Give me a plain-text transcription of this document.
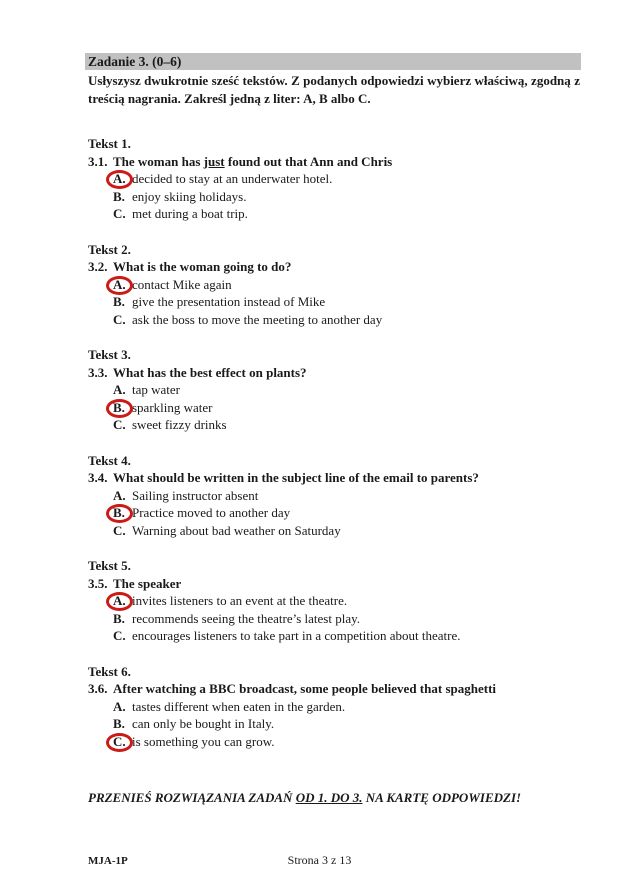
Zadanie 3. (0–6)
Usłyszysz dwukrotnie sześć tekstów. Z podanych odpowiedzi wybierz właściwą, zgodną z treścią nagrania. Zakreśl jedną z liter: A, B albo C.
Tekst 1.
3.1. The woman has just found out that Ann and Chris
A. decided to stay at an underwater hotel.
B. enjoy skiing holidays.
C. met during a boat trip.
Tekst 2.
3.2. What is the woman going to do?
A. contact Mike again
B. give the presentation instead of Mike
C. ask the boss to move the meeting to another day
Tekst 3.
3.3. What has the best effect on plants?
A. tap water
B. sparkling water
C. sweet fizzy drinks
Tekst 4.
3.4. What should be written in the subject line of the email to parents?
A. Sailing instructor absent
B. Practice moved to another day
C. Warning about bad weather on Saturday
Tekst 5.
3.5. The speaker
A. invites listeners to an event at the theatre.
B. recommends seeing the theatre’s latest play.
C. encourages listeners to take part in a competition about theatre.
Tekst 6.
3.6. After watching a BBC broadcast, some people believed that spaghetti
A. tastes different when eaten in the garden.
B. can only be bought in Italy.
C. is something you can grow.
PRZENIEŚ ROZWIĄZANIA ZADAŃ OD 1. DO 3. NA KARTĘ ODPOWIEDZI!
MJA-1P	Strona 3 z 13
